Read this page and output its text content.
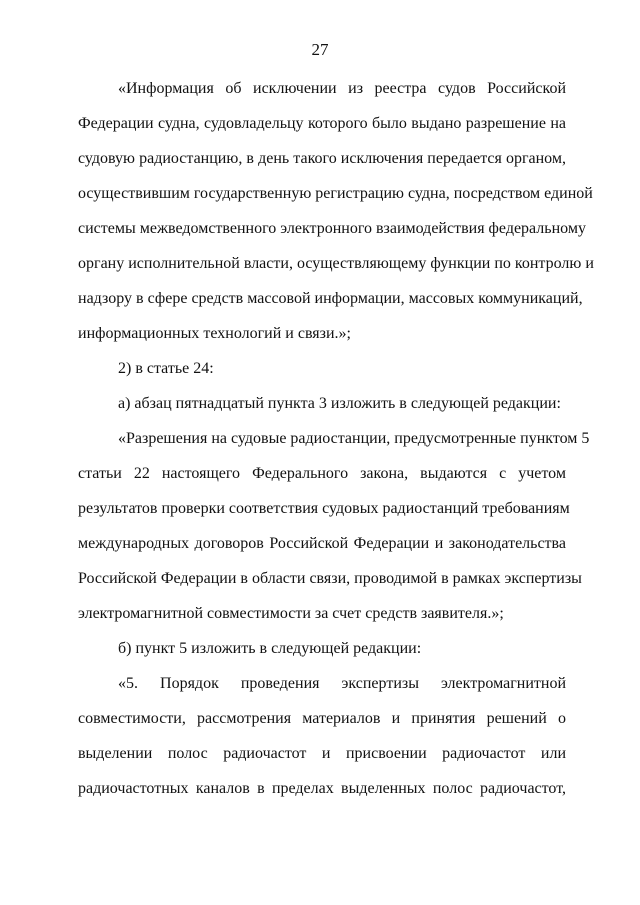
27
«Информация об исключении из реестра судов Российской
Федерации судна, судовладельцу которого было выдано разрешение на
судовую радиостанцию, в день такого исключения передается органом,
осуществившим государственную регистрацию судна, посредством единой
системы межведомственного электронного взаимодействия федеральному
органу исполнительной власти, осуществляющему функции по контролю и
надзору в сфере средств массовой информации, массовых коммуникаций,
информационных технологий и связи.»;
2) в статье 24:
а) абзац пятнадцатый пункта 3 изложить в следующей редакции:
«Разрешения на судовые радиостанции, предусмотренные пунктом 5
статьи 22 настоящего Федерального закона, выдаются с учетом
результатов проверки соответствия судовых радиостанций требованиям
международных договоров Российской Федерации и законодательства
Российской Федерации в области связи, проводимой в рамках экспертизы
электромагнитной совместимости за счет средств заявителя.»;
б) пункт 5 изложить в следующей редакции:
«5. Порядок проведения экспертизы электромагнитной
совместимости, рассмотрения материалов и принятия решений о
выделении полос радиочастот и присвоении радиочастот или
радиочастотных каналов в пределах выделенных полос радиочастот,
